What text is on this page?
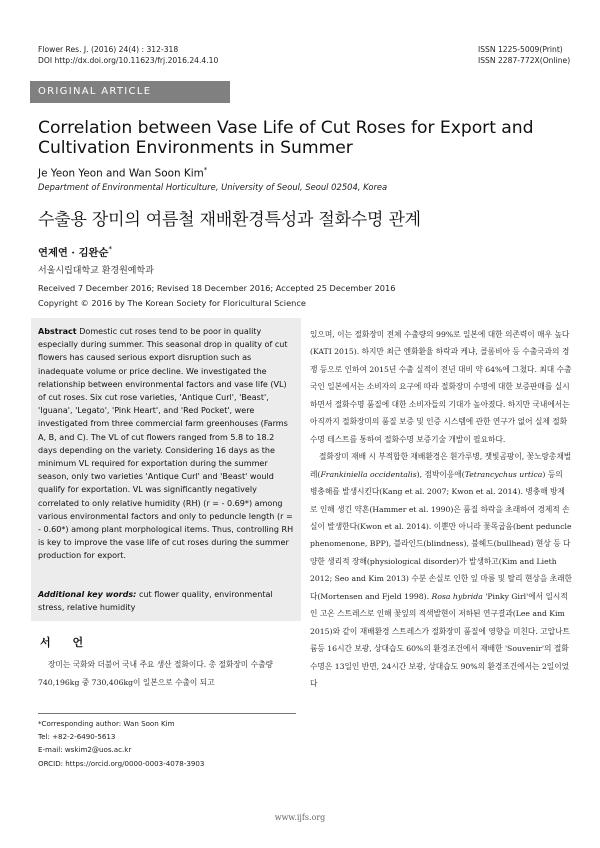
Flower Res. J. (2016) 24(4) : 312-318
DOI http://dx.doi.org/10.11623/frj.2016.24.4.10
ISSN 1225-5009(Print)
ISSN 2287-772X(Online)
ORIGINAL ARTICLE
Correlation between Vase Life of Cut Roses for Export and Cultivation Environments in Summer
Je Yeon Yeon and Wan Soon Kim*
Department of Environmental Horticulture, University of Seoul, Seoul 02504, Korea
수출용 장미의 여름철 재배환경특성과 절화수명 관계
연제연 · 김완순*
서울시립대학교 환경원예학과
Received 7 December 2016; Revised 18 December 2016; Accepted 25 December 2016
Copyright © 2016 by The Korean Society for Floricultural Science
Abstract Domestic cut roses tend to be poor in quality especially during summer. This seasonal drop in quality of cut flowers has caused serious export disruption such as inadequate volume or price decline. We investigated the relationship between environmental factors and vase life (VL) of cut roses. Six cut rose varieties, 'Antique Curl', 'Beast', 'Iguana', 'Legato', 'Pink Heart', and 'Red Pocket', were investigated from three commercial farm greenhouses (Farms A, B, and C). The VL of cut flowers ranged from 5.8 to 18.2 days depending on the variety. Considering 16 days as the minimum VL required for exportation during the summer season, only two varieties 'Antique Curl' and 'Beast' would qualify for exportation. VL was significantly negatively correlated to only relative humidity (RH) (r = - 0.69*) among various environmental factors and only to peduncle length (r = - 0.60*) among plant morphological items. Thus, controlling RH is key to improve the vase life of cut roses during the summer production for export.
Additional key words: cut flower quality, environmental stress, relative humidity
서 언
장미는 국화와 더불어 국내 주요 생산 절화이다. 총 절화장미 수출량 740,196kg 중 730,406kg이 일본으로 수출이 되고
*Corresponding author: Wan Soon Kim
Tel: +82-2-6490-5613
E-mail: wskim2@uos.ac.kr
ORCID: https://orcid.org/0000-0003-4078-3903

있으며, 이는 절화장미 전체 수출량의 99%로 일본에 대한 의존력이 매우 높다(KATI 2015). 하지만 최근 엔화환율 하락과 케냐, 콜롬비아 등 수출국과의 경쟁 등으로 인하여 2015년 수출 실적이 전년 대비 약 64%에 그쳤다. 최대 수출국인 일본에서는 소비자의 요구에 따라 절화장미 수명에 대한 보증판매를 실시하면서 절화수명 품질에 대한 소비자들의 기대가 높아졌다. 하지만 국내에서는 아직까지 절화장미의 품질 보증 및 인증 시스템에 관한 연구가 없어 실제 절화수명 테스트를 통하여 절화수명 보증기술 개발이 필요하다.

절화장미 재배 시 부적합한 재배환경은 흰가루병, 잿빛곰팡이, 꽃노랑총채벌레(Frankiniella occidentalis), 점박이응애(Tetrancychus urtica) 등의 병충해를 발생시킨다(Kang et al. 2007; Kwon et al. 2014). 병충해 방제로 인해 생긴 약흔(Hammer et al. 1990)은 품질 하락을 초래하여 경제적 손실이 발생한다(Kwon et al. 2014). 이뿐만 아니라 꽃목굽음(bent peduncle phenomenone, BPP), 블라인드(blindness), 불헤드(bullhead) 현상 등 다양한 생리적 장해(physiological disorder)가 발생하고(Kim and Lieth 2012; Seo and Kim 2013) 수분 손실로 인한 잎 마름 및 탈리 현상을 초래한다(Mortensen and Fjeld 1998). Rosa hybrida 'Pinky Girl'에서 일시적인 고온 스트레스로 인해 꽃잎의 적색발현이 저하된 연구결과(Lee and Kim 2015)와 같이 재배환경 스트레스가 절화장미 품질에 영향을 미친다. 고압나트륨등 16시간 보광, 상대습도 60%의 환경조건에서 재배한 'Souvenir'의 절화수명은 13일인 반면, 24시간 보광, 상대습도 90%의 환경조건에서는 2일이었다

www.ijfs.org
